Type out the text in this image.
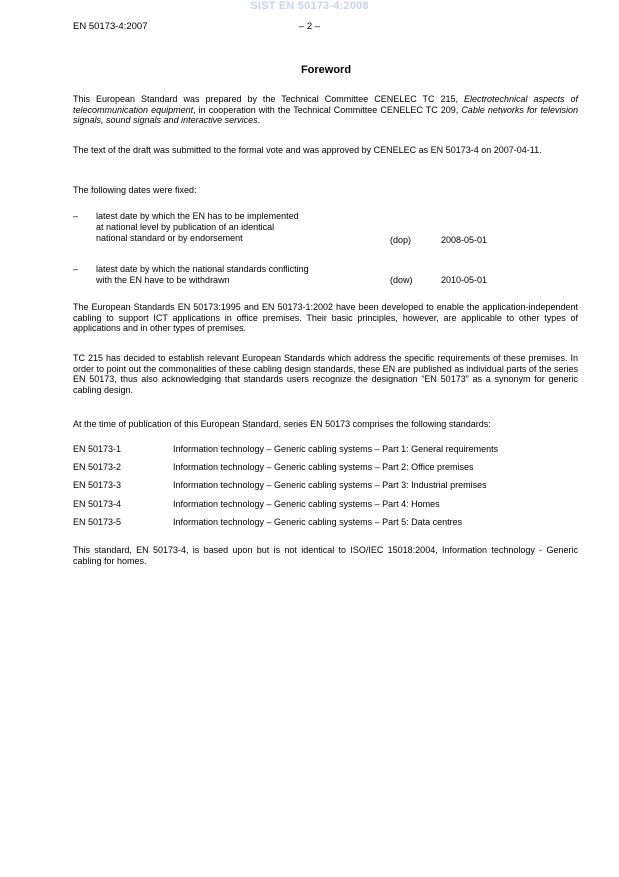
SIST EN 50173-4:2008
EN 50173-4:2007	– 2 –
Foreword

This European Standard was prepared by the Technical Committee CENELEC TC 215, Electrotechnical aspects of telecommunication equipment, in cooperation with the Technical Committee CENELEC TC 209, Cable networks for television signals, sound signals and interactive services.

The text of the draft was submitted to the formal vote and was approved by CENELEC as EN 50173-4 on 2007-04-11.

The following dates were fixed:

– latest date by which the EN has to be implemented
at national level by publication of an identical
national standard or by endorsement	(dop)	2008-05-01
– latest date by which the national standards conflicting
with the EN have to be withdrawn	(dow)	2010-05-01

The European Standards EN 50173:1995 and EN 50173-1:2002 have been developed to enable the application-independent cabling to support ICT applications in office premises. Their basic principles, however, are applicable to other types of applications and in other types of premises.

TC 215 has decided to establish relevant European Standards which address the specific requirements of these premises. In order to point out the commonalities of these cabling design standards, these EN are published as individual parts of the series EN 50173, thus also acknowledging that standards users recognize the designation “EN 50173” as a synonym for generic cabling design.

At the time of publication of this European Standard, series EN 50173 comprises the following standards:

EN 50173-1	Information technology – Generic cabling systems – Part 1: General requirements
EN 50173-2	Information technology – Generic cabling systems – Part 2: Office premises
EN 50173-3	Information technology – Generic cabling systems – Part 3: Industrial premises
EN 50173-4	Information technology – Generic cabling systems – Part 4: Homes
EN 50173-5	Information technology – Generic cabling systems – Part 5: Data centres

This standard, EN 50173-4, is based upon but is not identical to ISO/IEC 15018:2004, Information technology - Generic cabling for homes.
